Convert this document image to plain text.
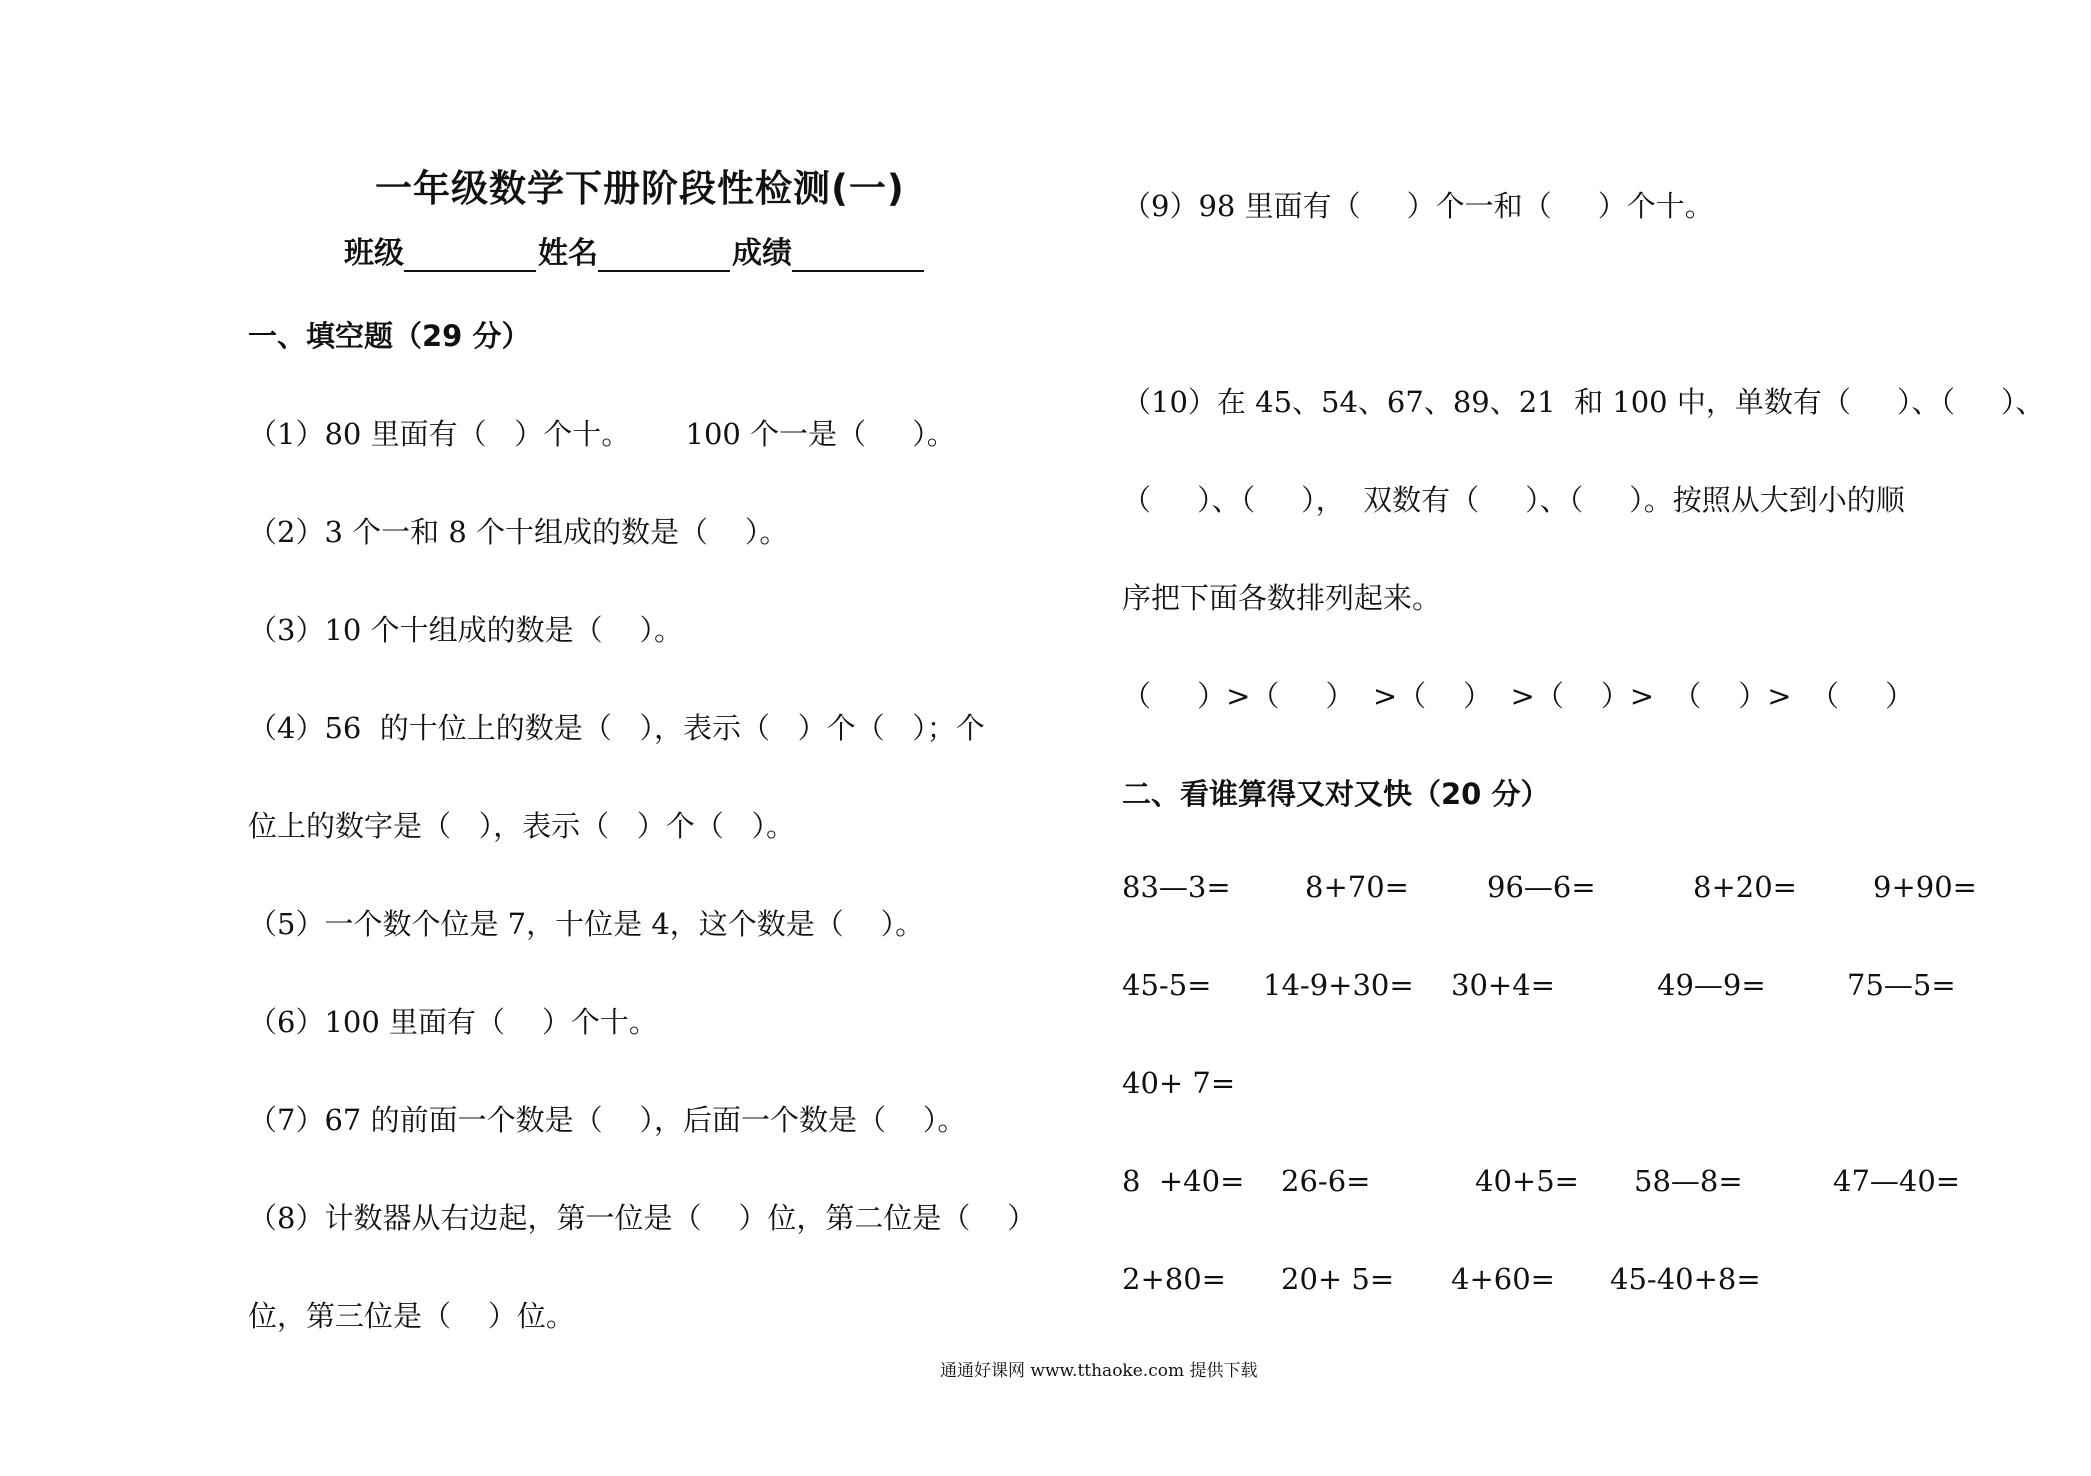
一年级数学下册阶段性检测(一)
班级	姓名	成绩
一、填空题（29 分）
（1）80 里面有（   ）个十。      100 个一是（     ）。
（2）3 个一和 8 个十组成的数是（    ）。
（3）10 个十组成的数是（    ）。
（4）56  的十位上的数是（   ），表示（   ）个（   ）；个
位上的数字是（   ），表示（   ）个（   ）。
（5）一个数个位是 7，十位是 4，这个数是（    ）。
（6）100 里面有（    ）个十。
（7）67 的前面一个数是（    ），后面一个数是（    ）。
（8）计数器从右边起，第一位是（    ）位，第二位是（    ）
位，第三位是（    ）位。
（9）98 里面有（     ）个一和（     ）个十。
（10）在 45、54、67、89、21  和 100 中，单数有（     ）、（     ）、
（     ）、（     ），  双数有（     ）、（     ）。按照从大到小的顺
序把下面各数排列起来。
（     ）>（     ）  >（    ）  >（    ）>  （    ）>  （     ）
二、看谁算得又对又快（20 分）
83—3=	8+70=	96—6=	8+20=	9+90=
45-5= 14-9+30= 30+4=	49—9=	75—5=
40+ 7=
8  +40= 26-6=	40+5= 58—8=	47—40=
2+80= 20+ 5= 4+60= 45-40+8=
通通好课网 www.tthaoke.com 提供下载
